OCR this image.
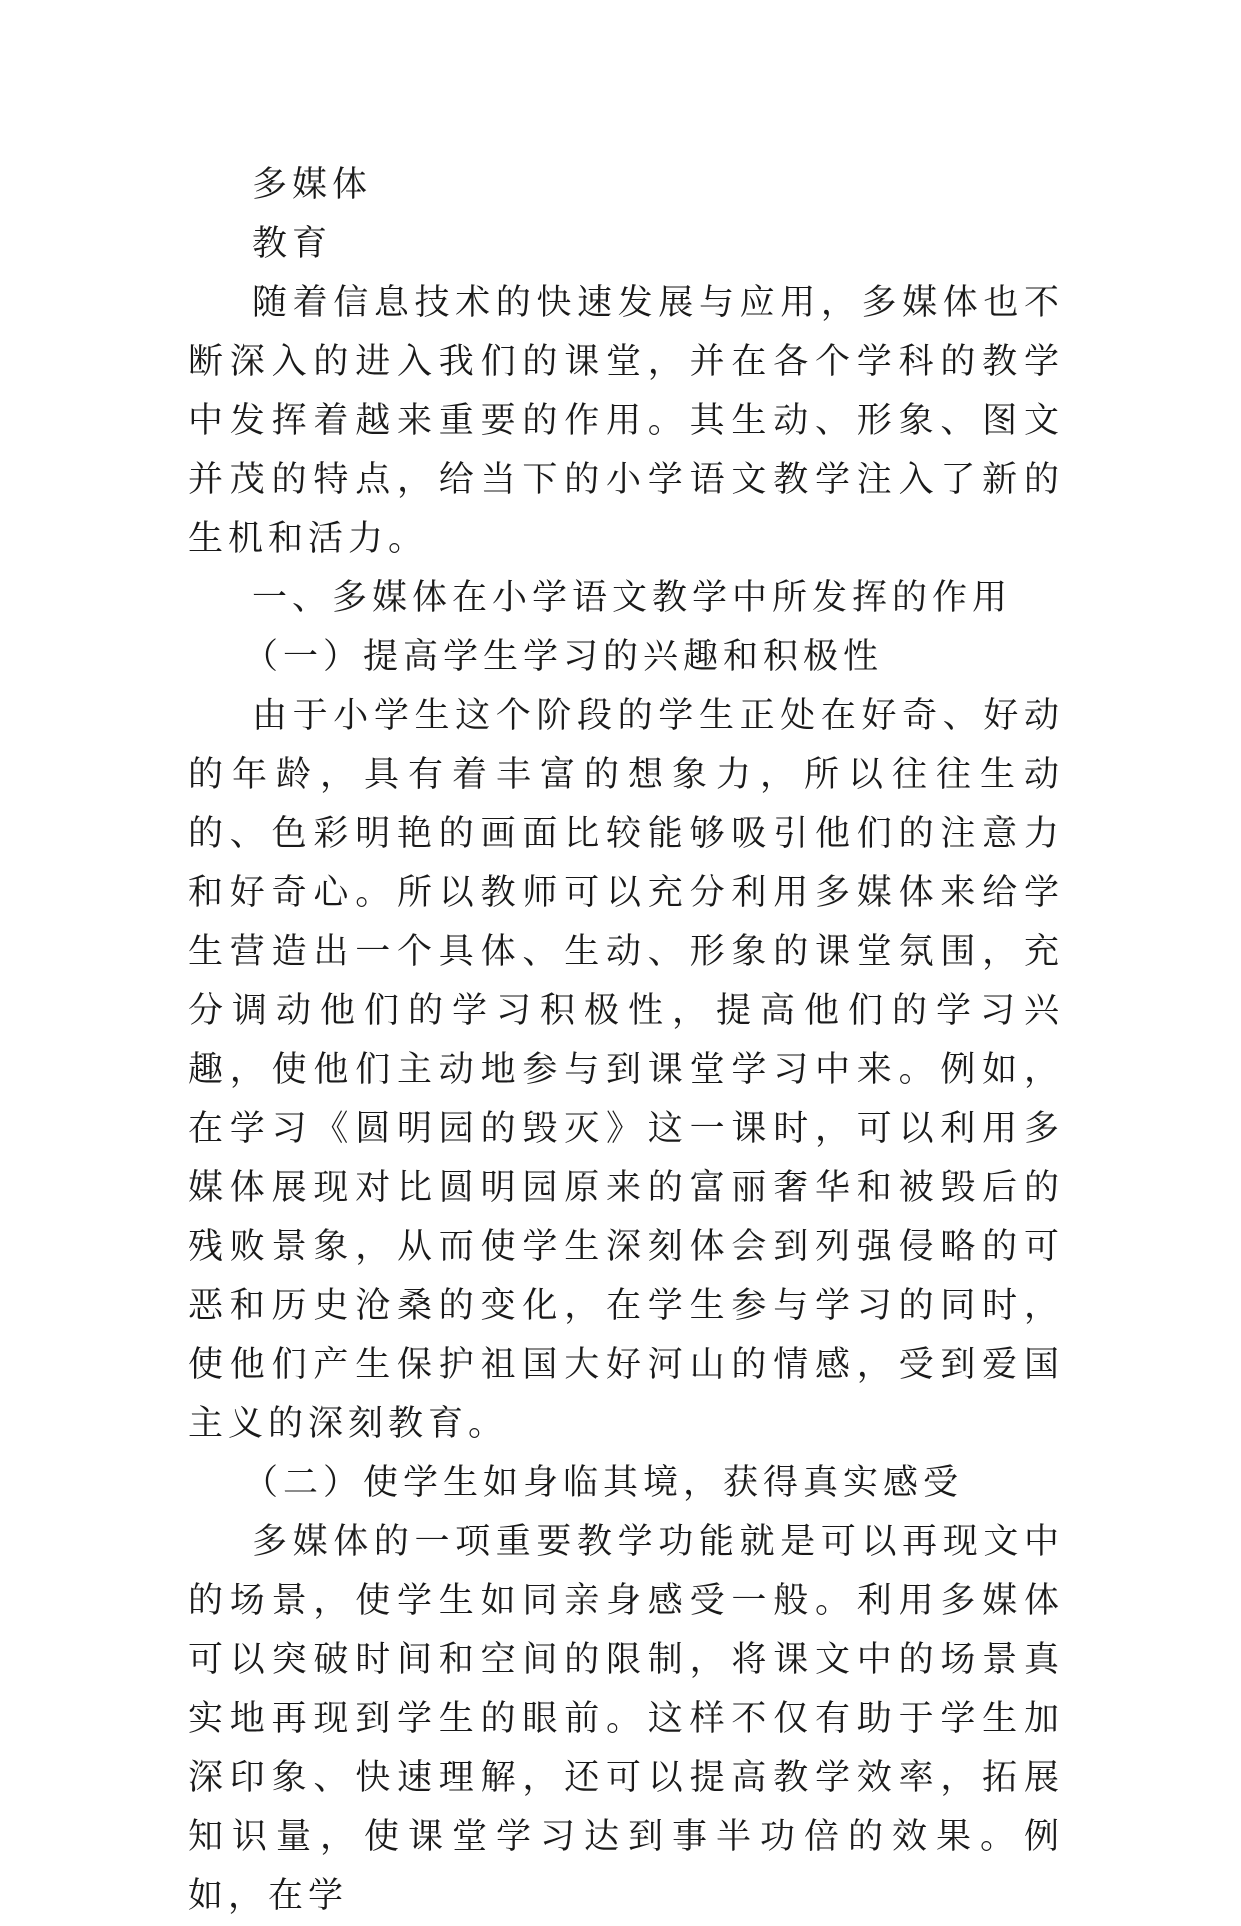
多媒体

教育

随着信息技术的快速发展与应用，多媒体也不断深入的进入我们的课堂，并在各个学科的教学中发挥着越来重要的作用。其生动、形象、图文并茂的特点，给当下的小学语文教学注入了新的生机和活力。

一、多媒体在小学语文教学中所发挥的作用

（一）提高学生学习的兴趣和积极性

由于小学生这个阶段的学生正处在好奇、好动的年龄，具有着丰富的想象力，所以往往生动的、色彩明艳的画面比较能够吸引他们的注意力和好奇心。所以教师可以充分利用多媒体来给学生营造出一个具体、生动、形象的课堂氛围，充分调动他们的学习积极性，提高他们的学习兴趣，使他们主动地参与到课堂学习中来。例如，在学习《圆明园的毁灭》这一课时，可以利用多媒体展现对比圆明园原来的富丽奢华和被毁后的残败景象，从而使学生深刻体会到列强侵略的可恶和历史沧桑的变化，在学生参与学习的同时，使他们产生保护祖国大好河山的情感，受到爱国主义的深刻教育。

（二）使学生如身临其境，获得真实感受

多媒体的一项重要教学功能就是可以再现文中的场景，使学生如同亲身感受一般。利用多媒体可以突破时间和空间的限制，将课文中的场景真实地再现到学生的眼前。这样不仅有助于学生加深印象、快速理解，还可以提高教学效率，拓展知识量，使课堂学习达到事半功倍的效果。例如，在学
